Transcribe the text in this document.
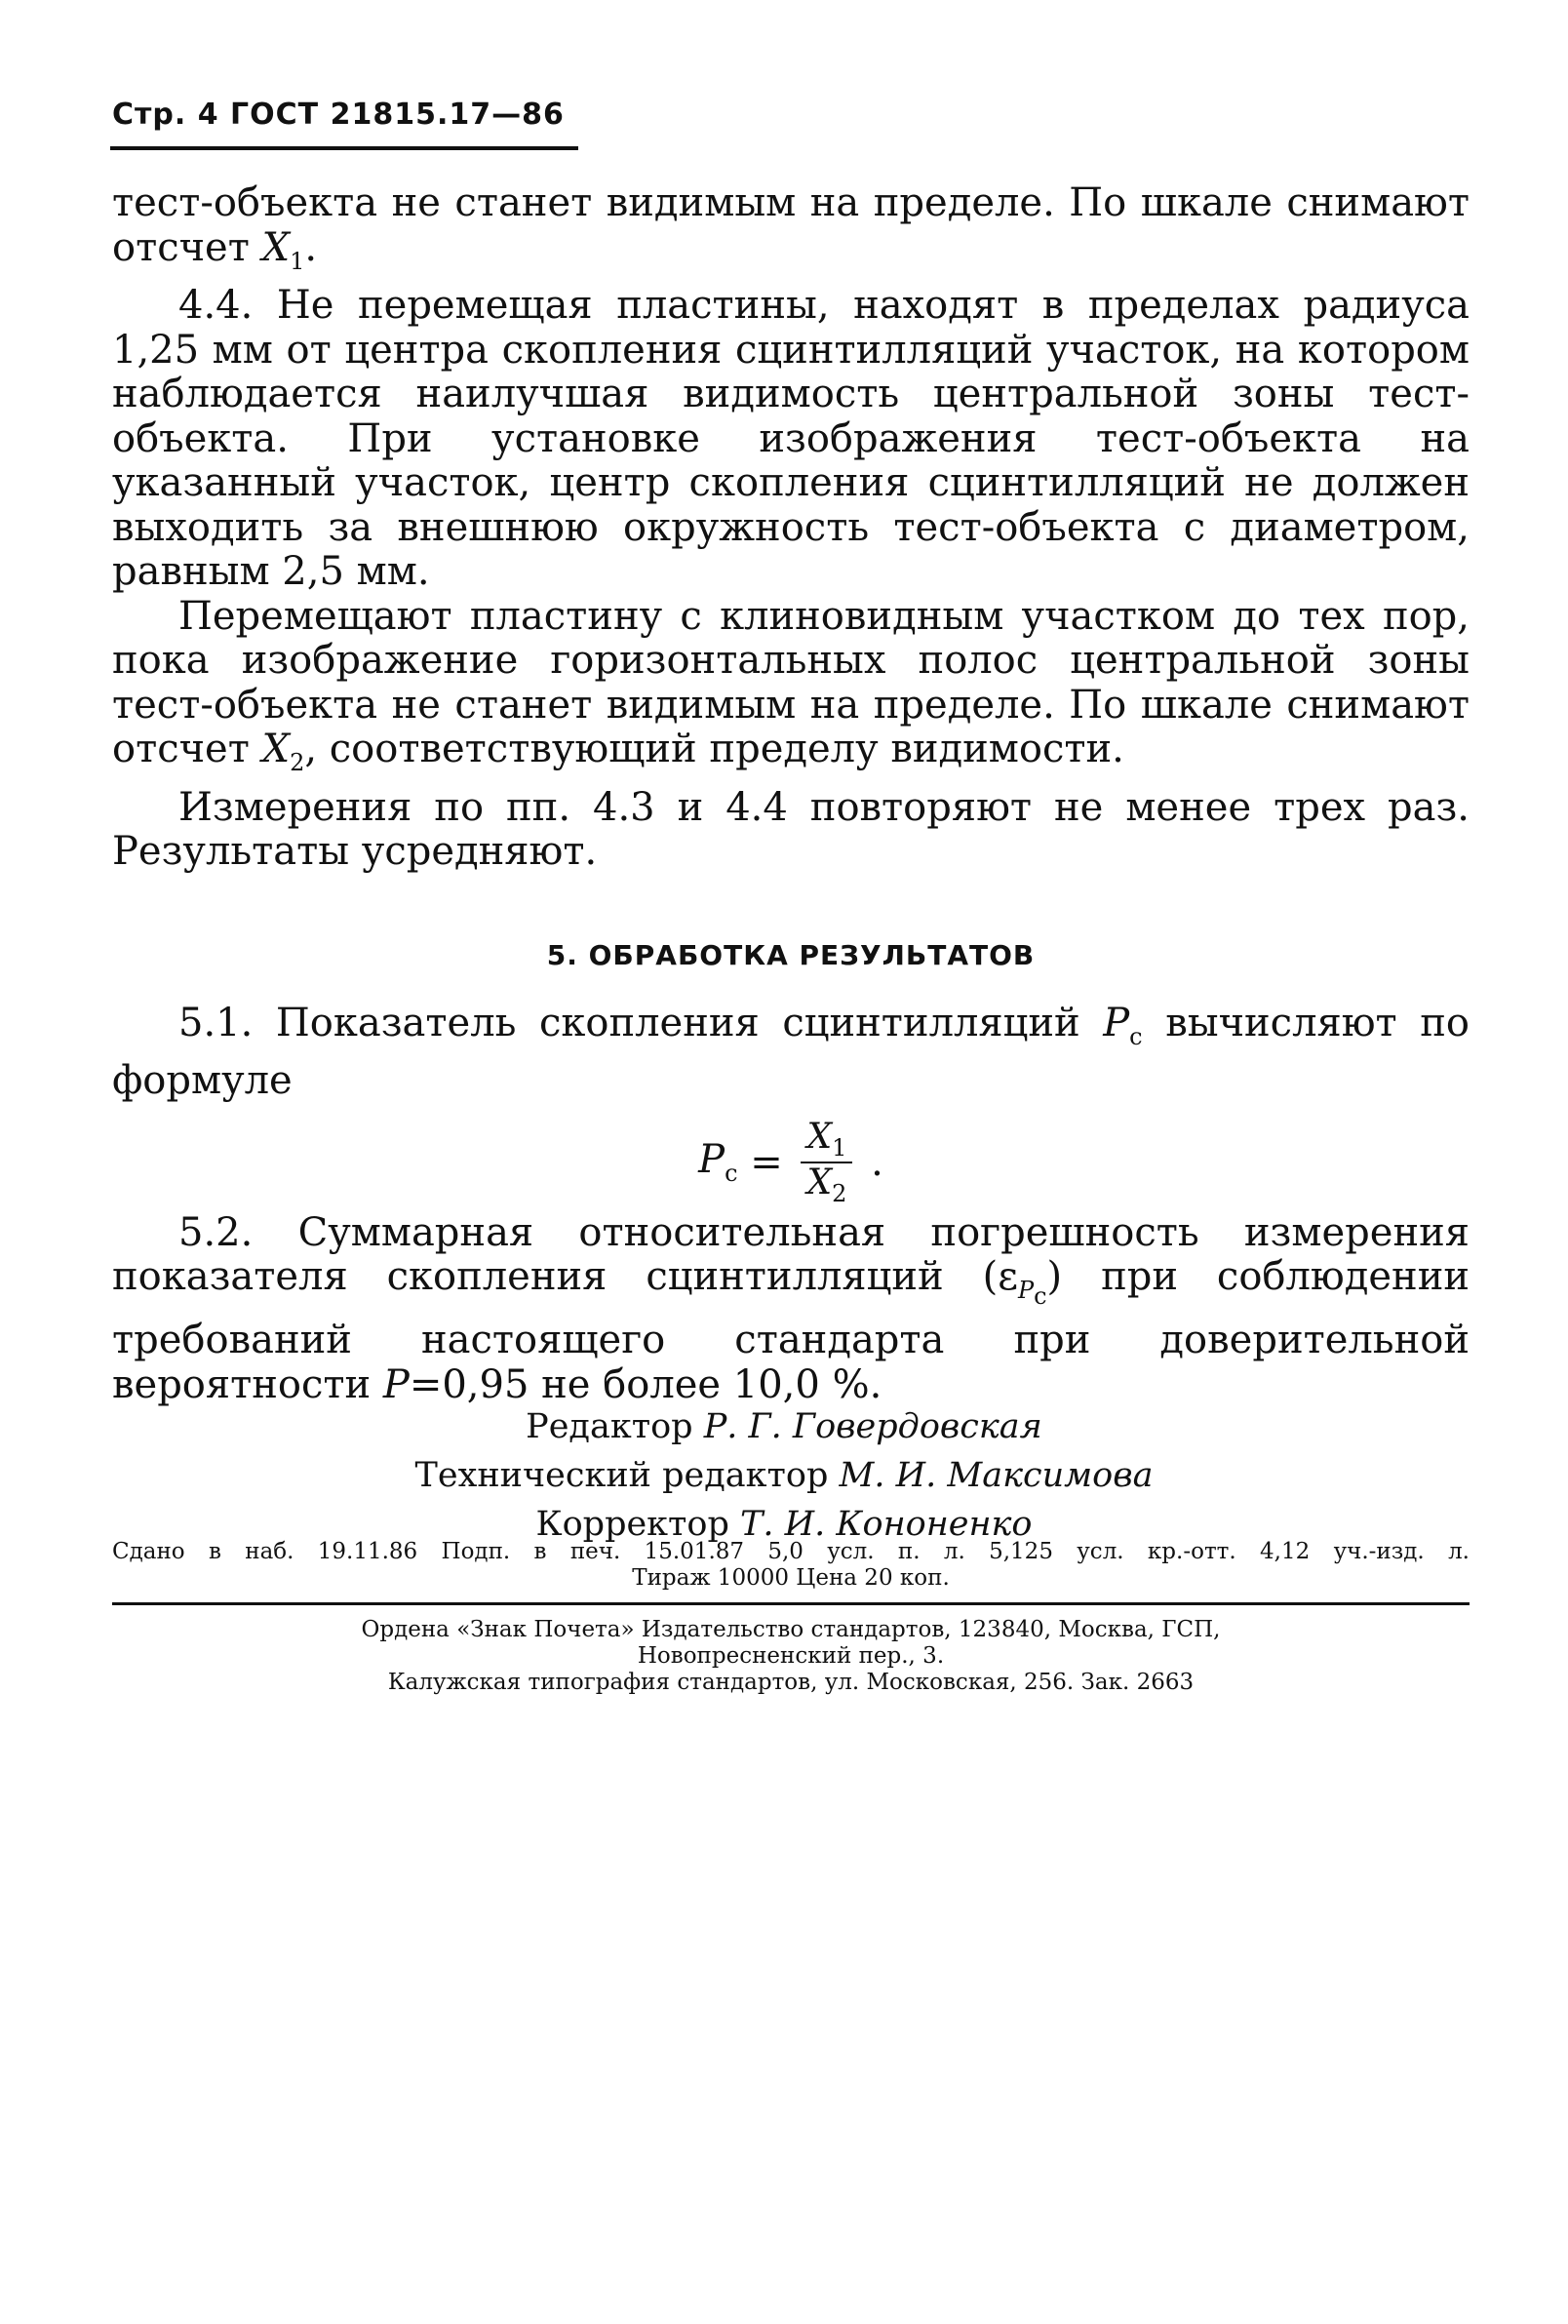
Стр. 4 ГОСТ 21815.17—86

тест-объекта не станет видимым на пределе. По шкале снимают отсчет $X_1$.

4.4. Не перемещая пластины, находят в пределах радиуса 1,25 мм от центра скопления сцинтилляций участок, на котором наблюдается наилучшая видимость центральной зоны тест-объекта. При установке изображения тест-объекта на указанный участок, центр скопления сцинтилляций не должен выходить за внешнюю окружность тест-объекта с диаметром, равным 2,5 мм.

Перемещают пластину с клиновидным участком до тех пор, пока изображение горизонтальных полос центральной зоны тест-объекта не станет видимым на пределе. По шкале снимают отсчет $X_2$, соответствующий пределу видимости.

Измерения по пп. 4.3 и 4.4 повторяют не менее трех раз. Результаты усредняют.

5. ОБРАБОТКА РЕЗУЛЬТАТОВ

5.1. Показатель скопления сцинтилляций $P_с$ вычисляют по формуле

$P_с = \frac{X_1}{X_2}$ .

5.2. Суммарная относительная погрешность измерения показателя скопления сцинтилляций $(\varepsilon_{P_с})$ при соблюдении требований настоящего стандарта при доверительной вероятности P=0,95 не более 10,0 %.

Редактор Р. Г. Говердовская
Технический редактор М. И. Максимова
Корректор Т. И. Кононенко
Сдано в наб. 19.11.86 Подп. в печ. 15.01.87 5,0 усл. п. л. 5,125 усл. кр.-отт. 4,12 уч.-изд. л.
Тираж 10000 Цена 20 коп.
Ордена «Знак Почета» Издательство стандартов, 123840, Москва, ГСП,
Новопресненский пер., 3.
Калужская типография стандартов, ул. Московская, 256. Зак. 2663
